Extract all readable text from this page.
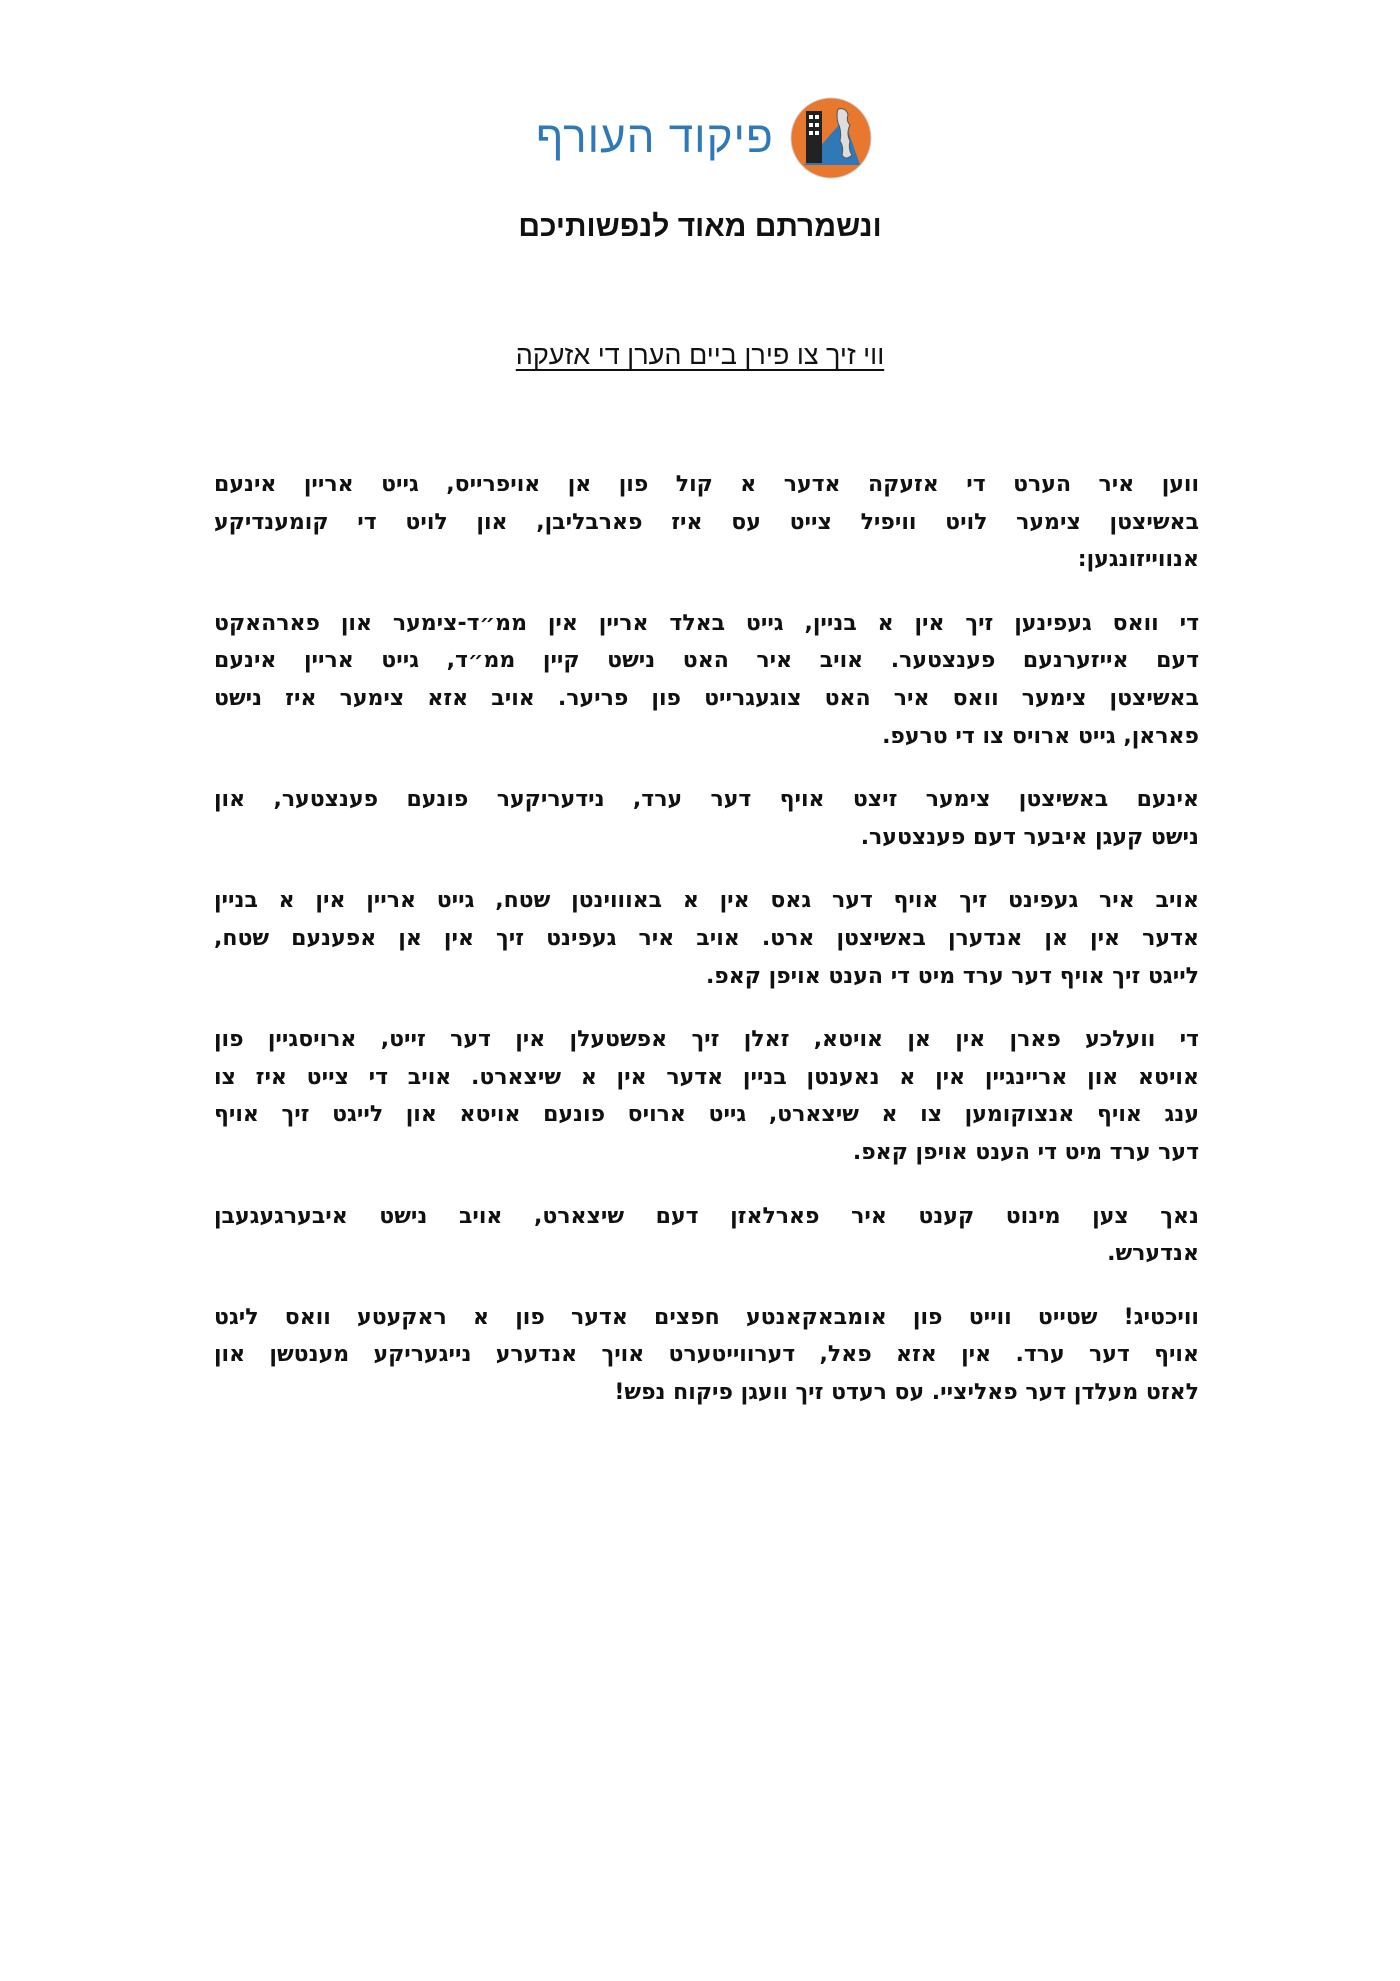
פיקוד העורף
ונשמרתם מאוד לנפשותיכם
ווי זיך צו פירן ביים הערן די אזעקה
ווען איר הערט די אזעקה אדער א קול פון אן אויפרייס, גייט אריין אינעם
באשיצטן צימער לויט וויפיל צייט עס איז פארבליבן, און לויט די קומענדיקע
אנווייזונגען:
די וואס געפינען זיך אין א בניין, גייט באלד אריין אין ממ״ד-צימער און פארהאקט
דעם אייזערנעם פענצטער. אויב איר האט נישט קיין ממ״ד, גייט אריין אינעם
באשיצטן צימער וואס איר האט צוגעגרייט פון פריער. אויב אזא צימער איז נישט
פאראן, גייט ארויס צו די טרעפ.
אינעם באשיצטן צימער זיצט אויף דער ערד, נידעריקער פונעם פענצטער, און
נישט קעגן איבער דעם פענצטער.
אויב איר געפינט זיך אויף דער גאס אין א באוווינטן שטח, גייט אריין אין א בניין
אדער אין אן אנדערן באשיצטן ארט. אויב איר געפינט זיך אין אן אפענעם שטח,
לייגט זיך אויף דער ערד מיט די הענט אויפן קאפ.
די וועלכע פארן אין אן אויטא, זאלן זיך אפשטעלן אין דער זייט, ארויסגיין פון
אויטא און אריינגיין אין א נאענטן בניין אדער אין א שיצארט. אויב די צייט איז צו
ענג אויף אנצוקומען צו א שיצארט, גייט ארויס פונעם אויטא און לייגט זיך אויף
דער ערד מיט די הענט אויפן קאפ.
נאך צען מינוט קענט איר פארלאזן דעם שיצארט, אויב נישט איבערגעגעבן
אנדערש.
וויכטיג! שטייט ווייט פון אומבאקאנטע חפצים אדער פון א ראקעטע וואס ליגט
אויף דער ערד. אין אזא פאל, דערווייטערט אויך אנדערע נייגעריקע מענטשן און
לאזט מעלדן דער פאליציי. עס רעדט זיך וועגן פיקוח נפש!
